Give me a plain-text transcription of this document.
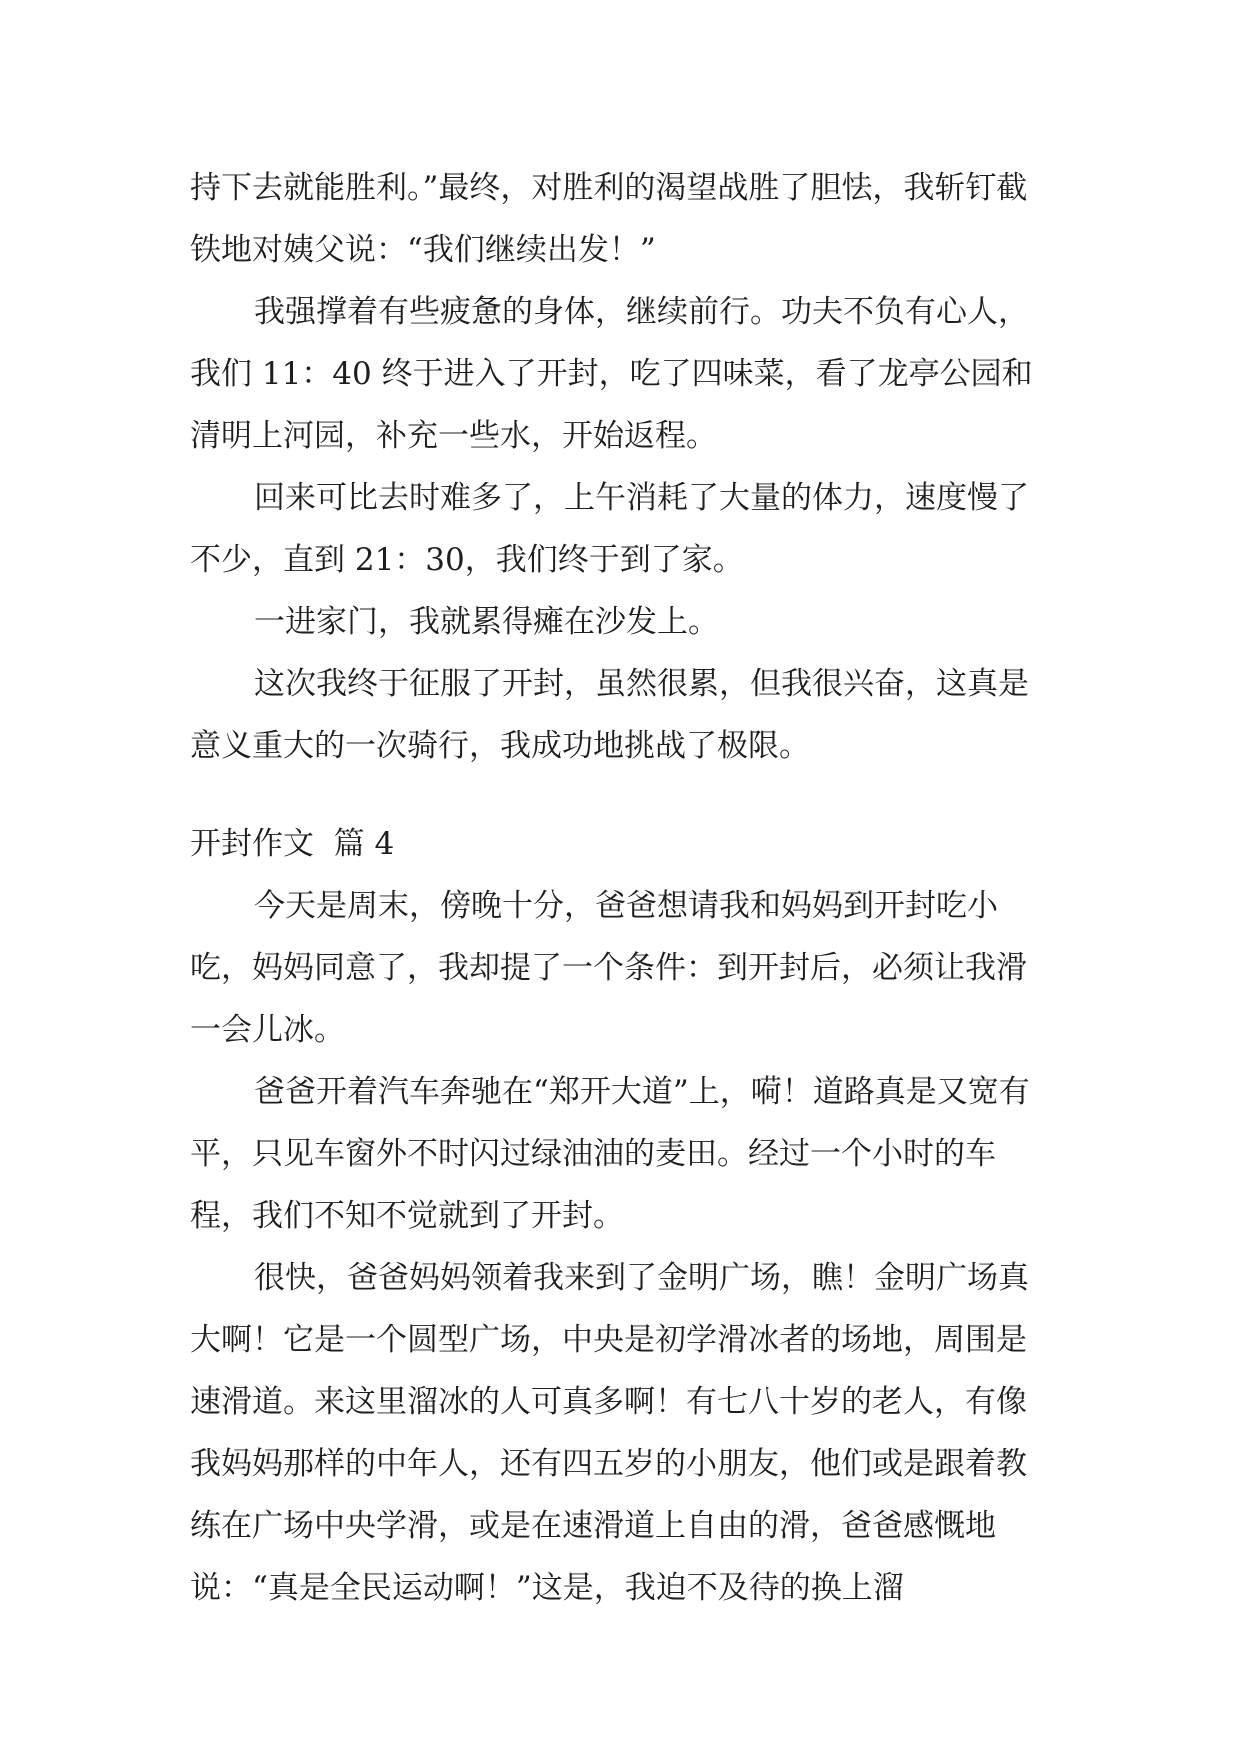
持下去就能胜利。”最终，对胜利的渴望战胜了胆怯，我斩钉截铁地对姨父说：“我们继续出发！”

我强撑着有些疲惫的身体，继续前行。功夫不负有心人，我们 11：40 终于进入了开封，吃了四味菜，看了龙亭公园和清明上河园，补充一些水，开始返程。

回来可比去时难多了，上午消耗了大量的体力，速度慢了不少，直到 21：30，我们终于到了家。

一进家门，我就累得瘫在沙发上。

这次我终于征服了开封，虽然很累，但我很兴奋，这真是意义重大的一次骑行，我成功地挑战了极限。

开封作文  篇 4

今天是周末，傍晚十分，爸爸想请我和妈妈到开封吃小吃，妈妈同意了，我却提了一个条件：到开封后，必须让我滑一会儿冰。

爸爸开着汽车奔驰在“郑开大道”上，嗬！道路真是又宽有平，只见车窗外不时闪过绿油油的麦田。经过一个小时的车程，我们不知不觉就到了开封。

很快，爸爸妈妈领着我来到了金明广场，瞧！金明广场真大啊！它是一个圆型广场，中央是初学滑冰者的场地，周围是速滑道。来这里溜冰的人可真多啊！有七八十岁的老人，有像我妈妈那样的中年人，还有四五岁的小朋友，他们或是跟着教练在广场中央学滑，或是在速滑道上自由的滑，爸爸感慨地说：“真是全民运动啊！”这是，我迫不及待的换上溜
